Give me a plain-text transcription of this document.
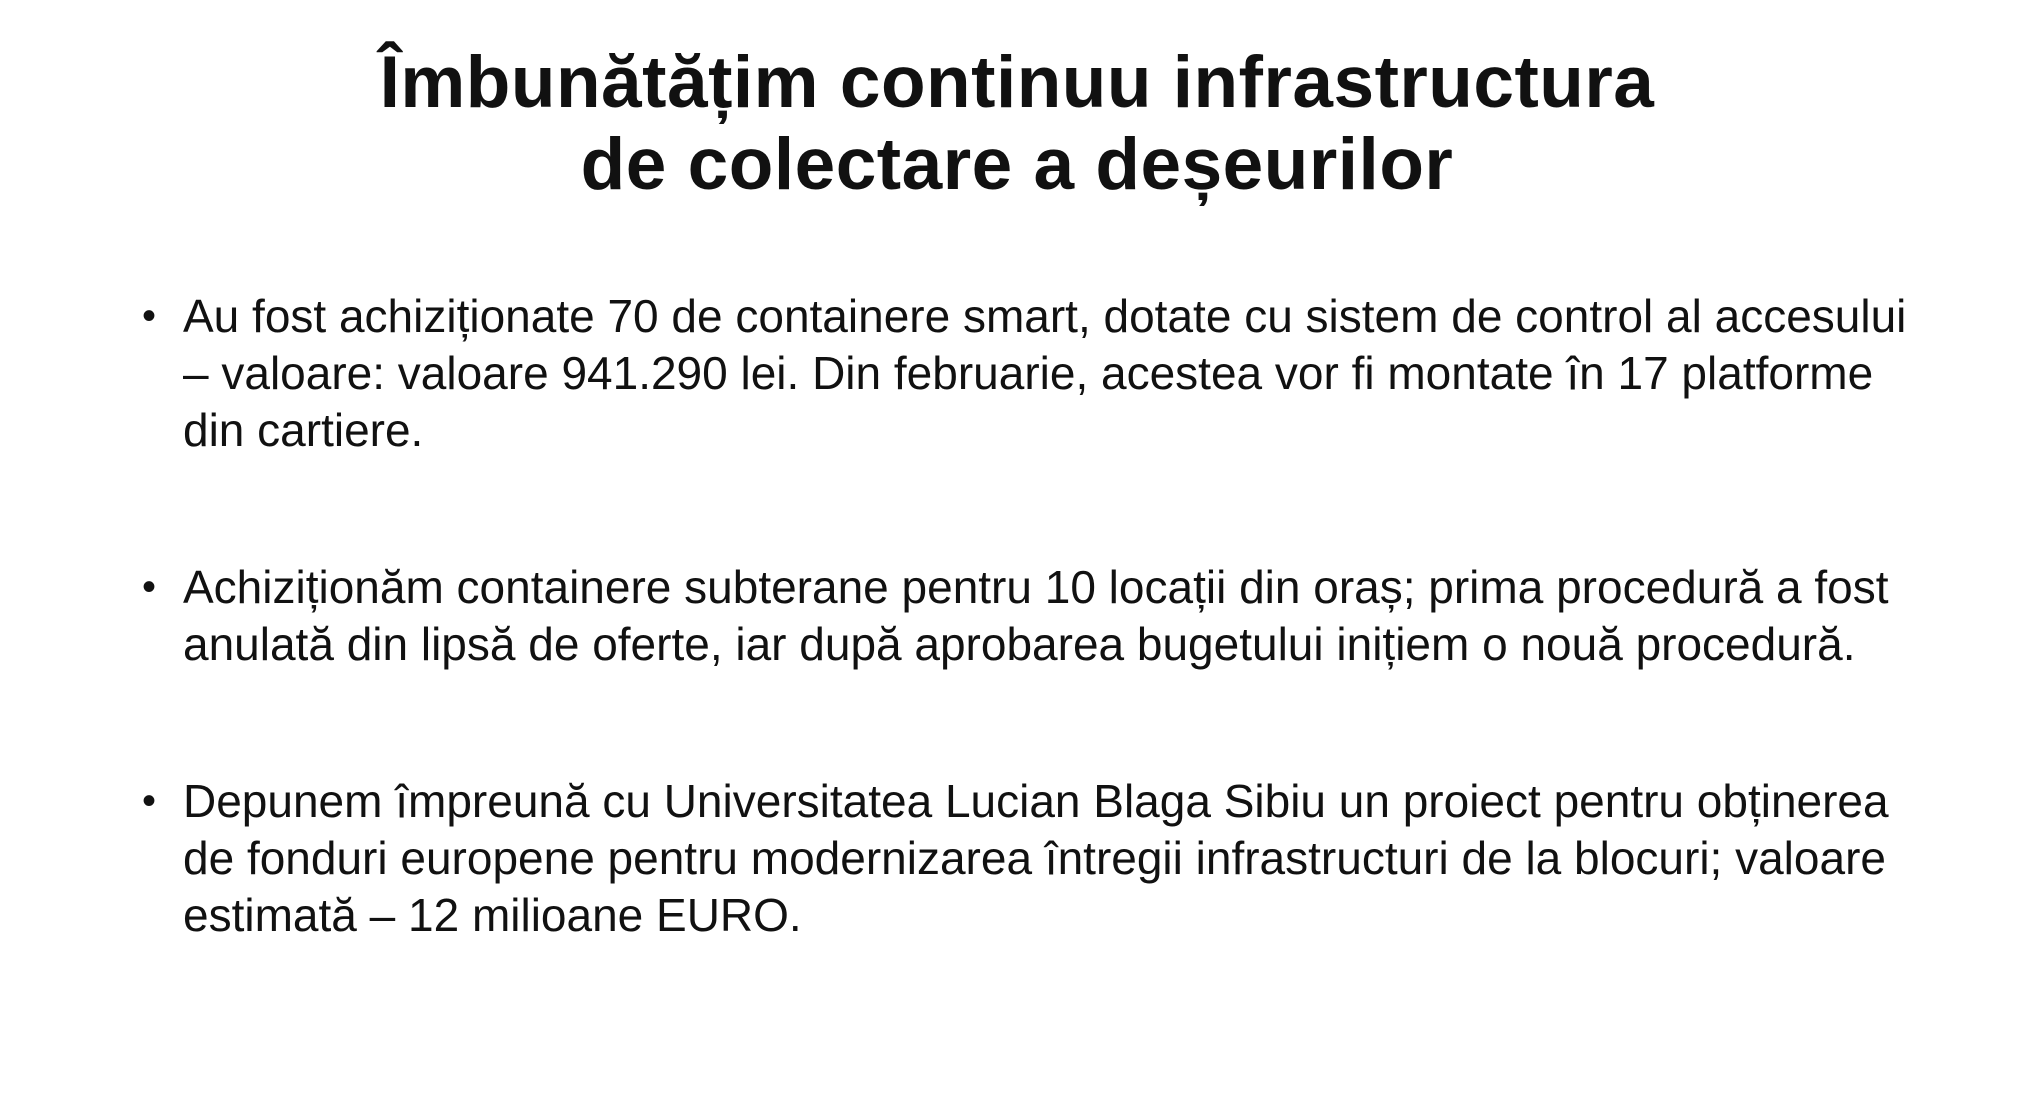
Îmbunătățim continuu infrastructura
de colectare a deșeurilor
• Au fost achiziționate 70 de containere smart, dotate cu sistem de control al accesului – valoare: valoare 941.290 lei. Din februarie, acestea vor fi montate în 17 platforme din cartiere.
• Achiziționăm containere subterane pentru 10 locații din oraș; prima procedură a fost anulată din lipsă de oferte, iar după aprobarea bugetului inițiem o nouă procedură.
• Depunem împreună cu Universitatea Lucian Blaga Sibiu un proiect pentru obținerea de fonduri europene pentru modernizarea întregii infrastructuri de la blocuri; valoare estimată – 12 milioane EURO.
